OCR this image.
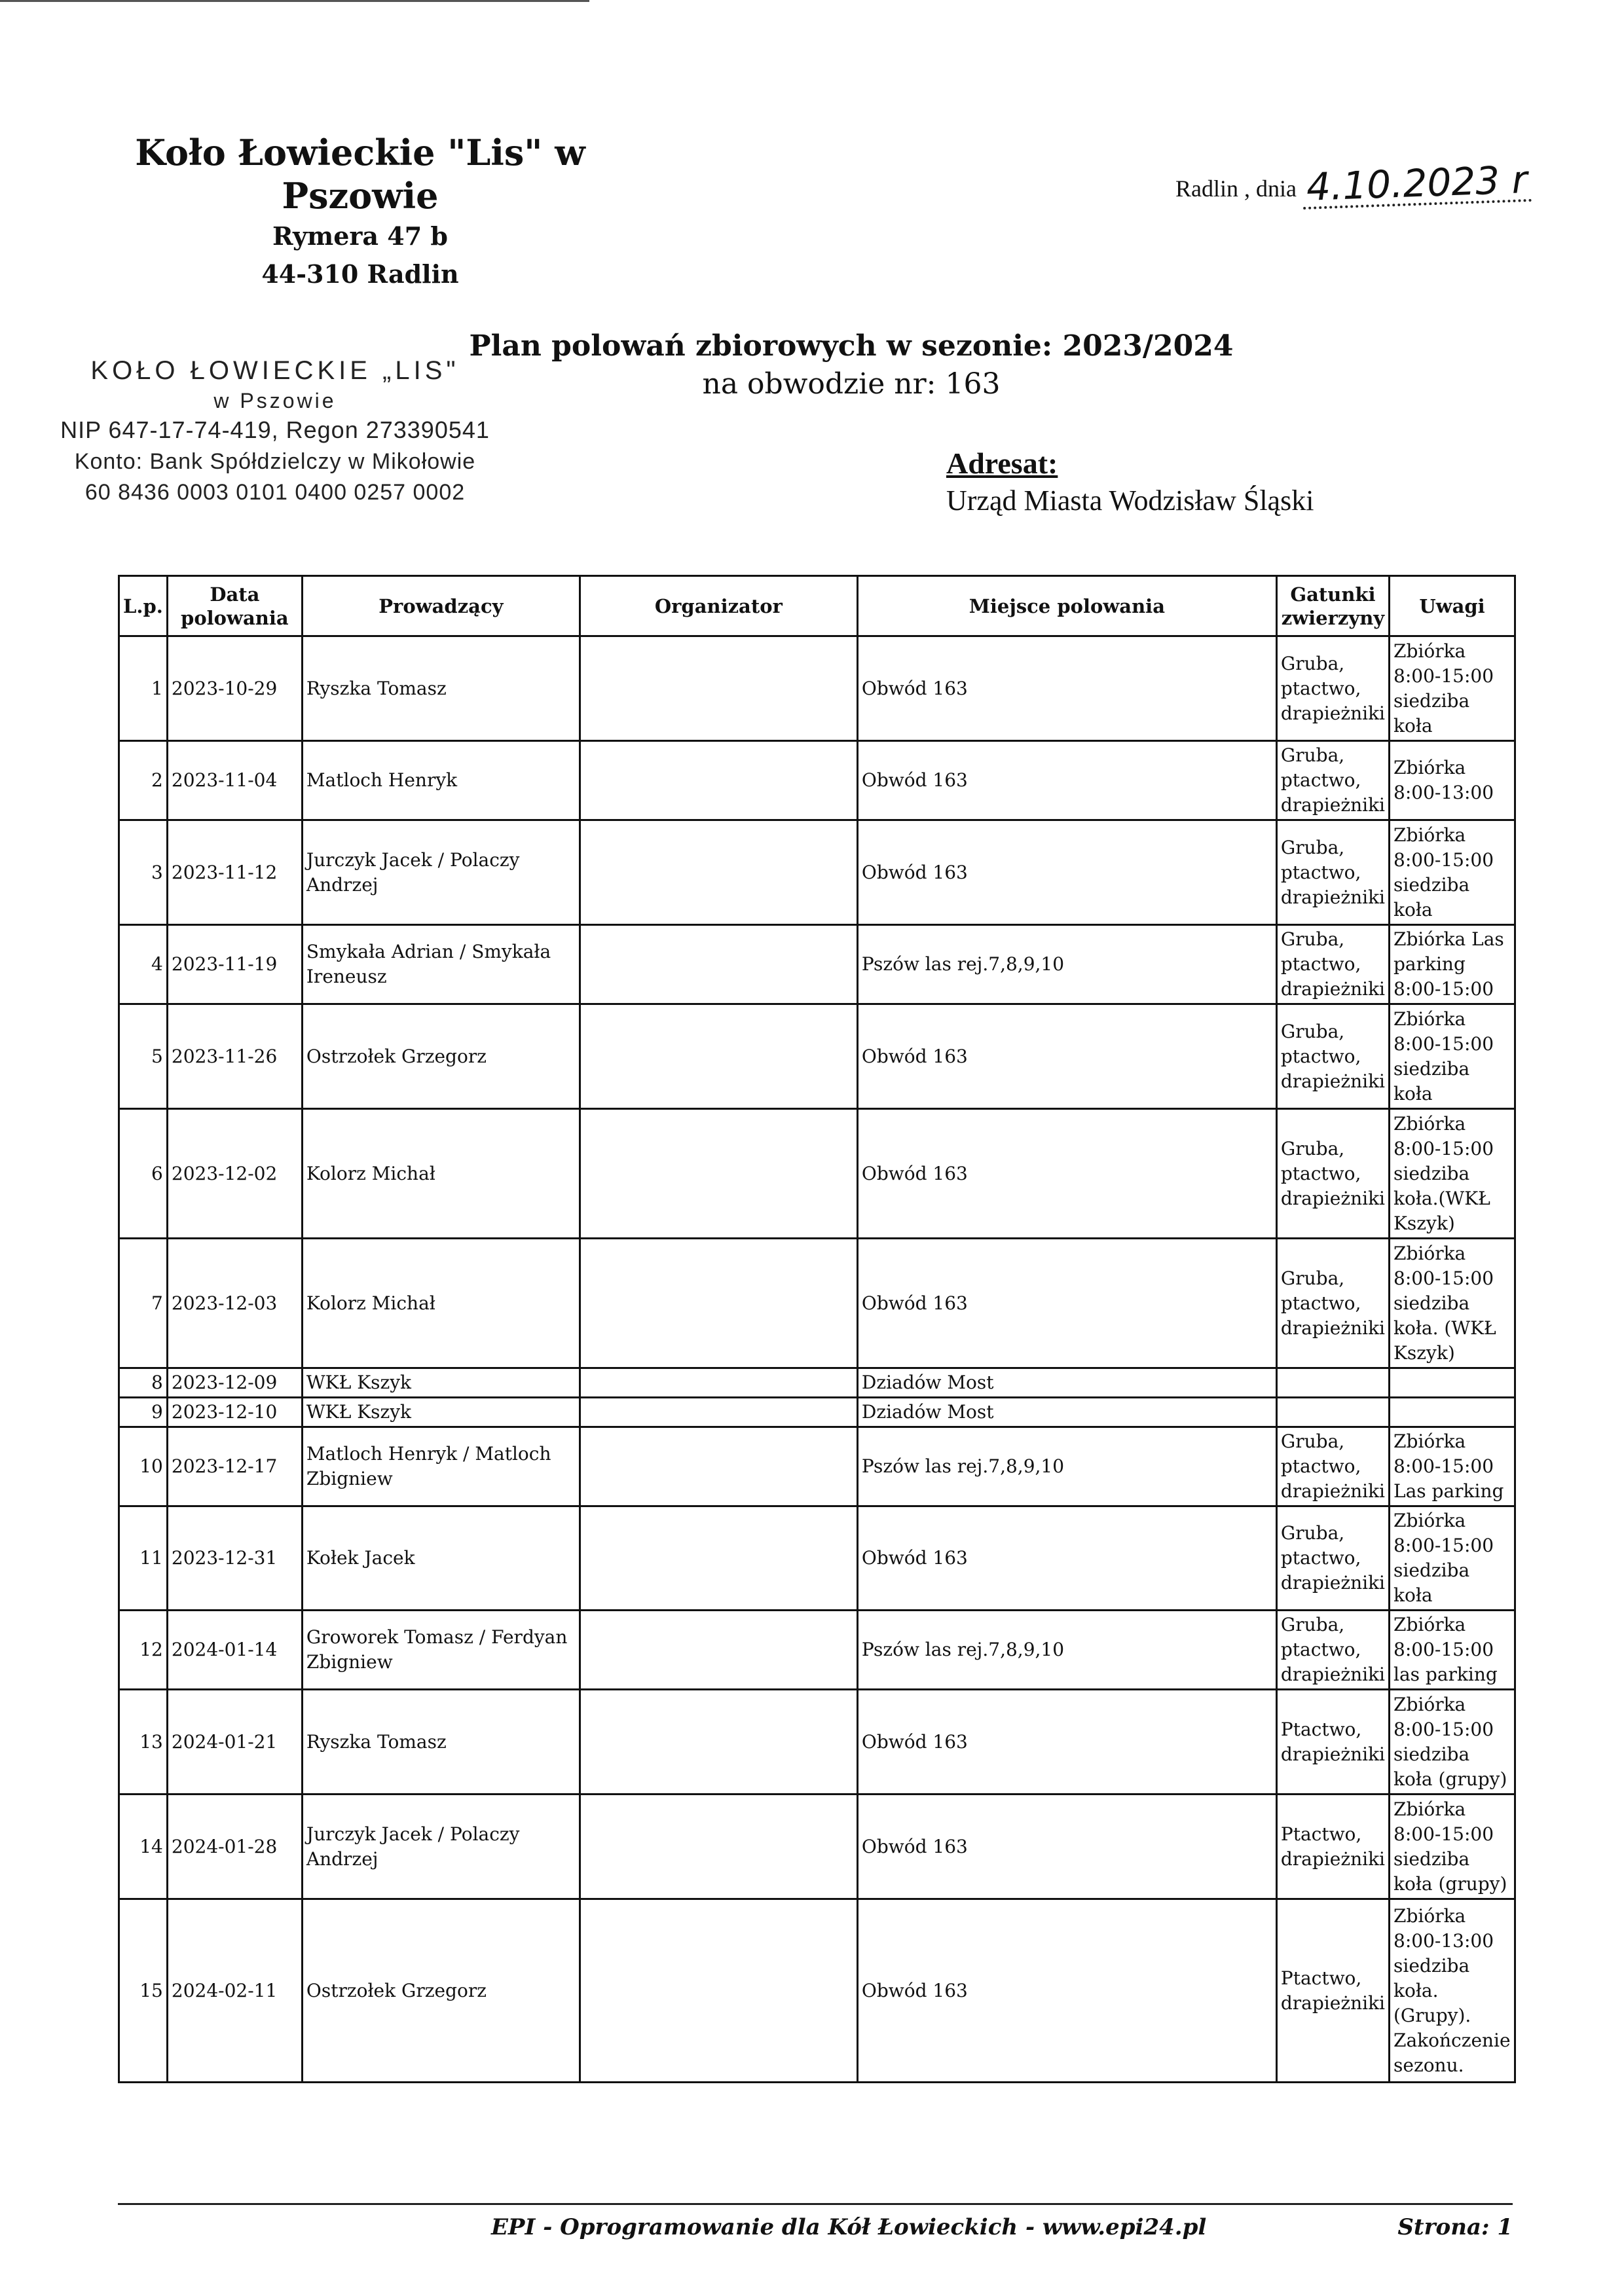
Koło Łowieckie "Lis" w
Pszowie
Rymera 47 b
44-310 Radlin
Radlin , dnia 4.10.2023 r
KOŁO ŁOWIECKIE „LIS"
w Pszowie
NIP 647-17-74-419, Regon 273390541
Konto: Bank Spółdzielczy w Mikołowie
60 8436 0003 0101 0400 0257 0002
Plan polowań zbiorowych w sezonie: 2023/2024
na obwodzie nr: 163
Adresat:
Urząd Miasta Wodzisław Śląski
L.p.	Data polowania	Prowadzący	Organizator	Miejsce polowania	Gatunki zwierzyny	Uwagi
1	2023-10-29	Ryszka Tomasz		Obwód 163	Gruba, ptactwo, drapieżniki	Zbiórka 8:00-15:00 siedziba koła
2	2023-11-04	Matloch Henryk		Obwód 163	Gruba, ptactwo, drapieżniki	Zbiórka 8:00-13:00
3	2023-11-12	Jurczyk Jacek / Polaczy Andrzej		Obwód 163	Gruba, ptactwo, drapieżniki	Zbiórka 8:00-15:00 siedziba koła
4	2023-11-19	Smykała Adrian / Smykała Ireneusz		Pszów las rej.7,8,9,10	Gruba, ptactwo, drapieżniki	Zbiórka Las parking 8:00-15:00
5	2023-11-26	Ostrzołek Grzegorz		Obwód 163	Gruba, ptactwo, drapieżniki	Zbiórka 8:00-15:00 siedziba koła
6	2023-12-02	Kolorz Michał		Obwód 163	Gruba, ptactwo, drapieżniki	Zbiórka 8:00-15:00 siedziba koła.(WKŁ Kszyk)
7	2023-12-03	Kolorz Michał		Obwód 163	Gruba, ptactwo, drapieżniki	Zbiórka 8:00-15:00 siedziba koła. (WKŁ Kszyk)
8	2023-12-09	WKŁ Kszyk		Dziadów Most		
9	2023-12-10	WKŁ Kszyk		Dziadów Most		
10	2023-12-17	Matloch Henryk / Matloch Zbigniew		Pszów las rej.7,8,9,10	Gruba, ptactwo, drapieżniki	Zbiórka 8:00-15:00 Las parking
11	2023-12-31	Kołek Jacek		Obwód 163	Gruba, ptactwo, drapieżniki	Zbiórka 8:00-15:00 siedziba koła
12	2024-01-14	Groworek Tomasz / Ferdyan Zbigniew		Pszów las rej.7,8,9,10	Gruba, ptactwo, drapieżniki	Zbiórka 8:00-15:00 las parking
13	2024-01-21	Ryszka Tomasz		Obwód 163	Ptactwo, drapieżniki	Zbiórka 8:00-15:00 siedziba koła (grupy)
14	2024-01-28	Jurczyk Jacek / Polaczy Andrzej		Obwód 163	Ptactwo, drapieżniki	Zbiórka 8:00-15:00 siedziba koła (grupy)
15	2024-02-11	Ostrzołek Grzegorz		Obwód 163	Ptactwo, drapieżniki	Zbiórka 8:00-13:00 siedziba koła. (Grupy). Zakończenie sezonu.
EPI - Oprogramowanie dla Kół Łowieckich - www.epi24.pl	Strona: 1
